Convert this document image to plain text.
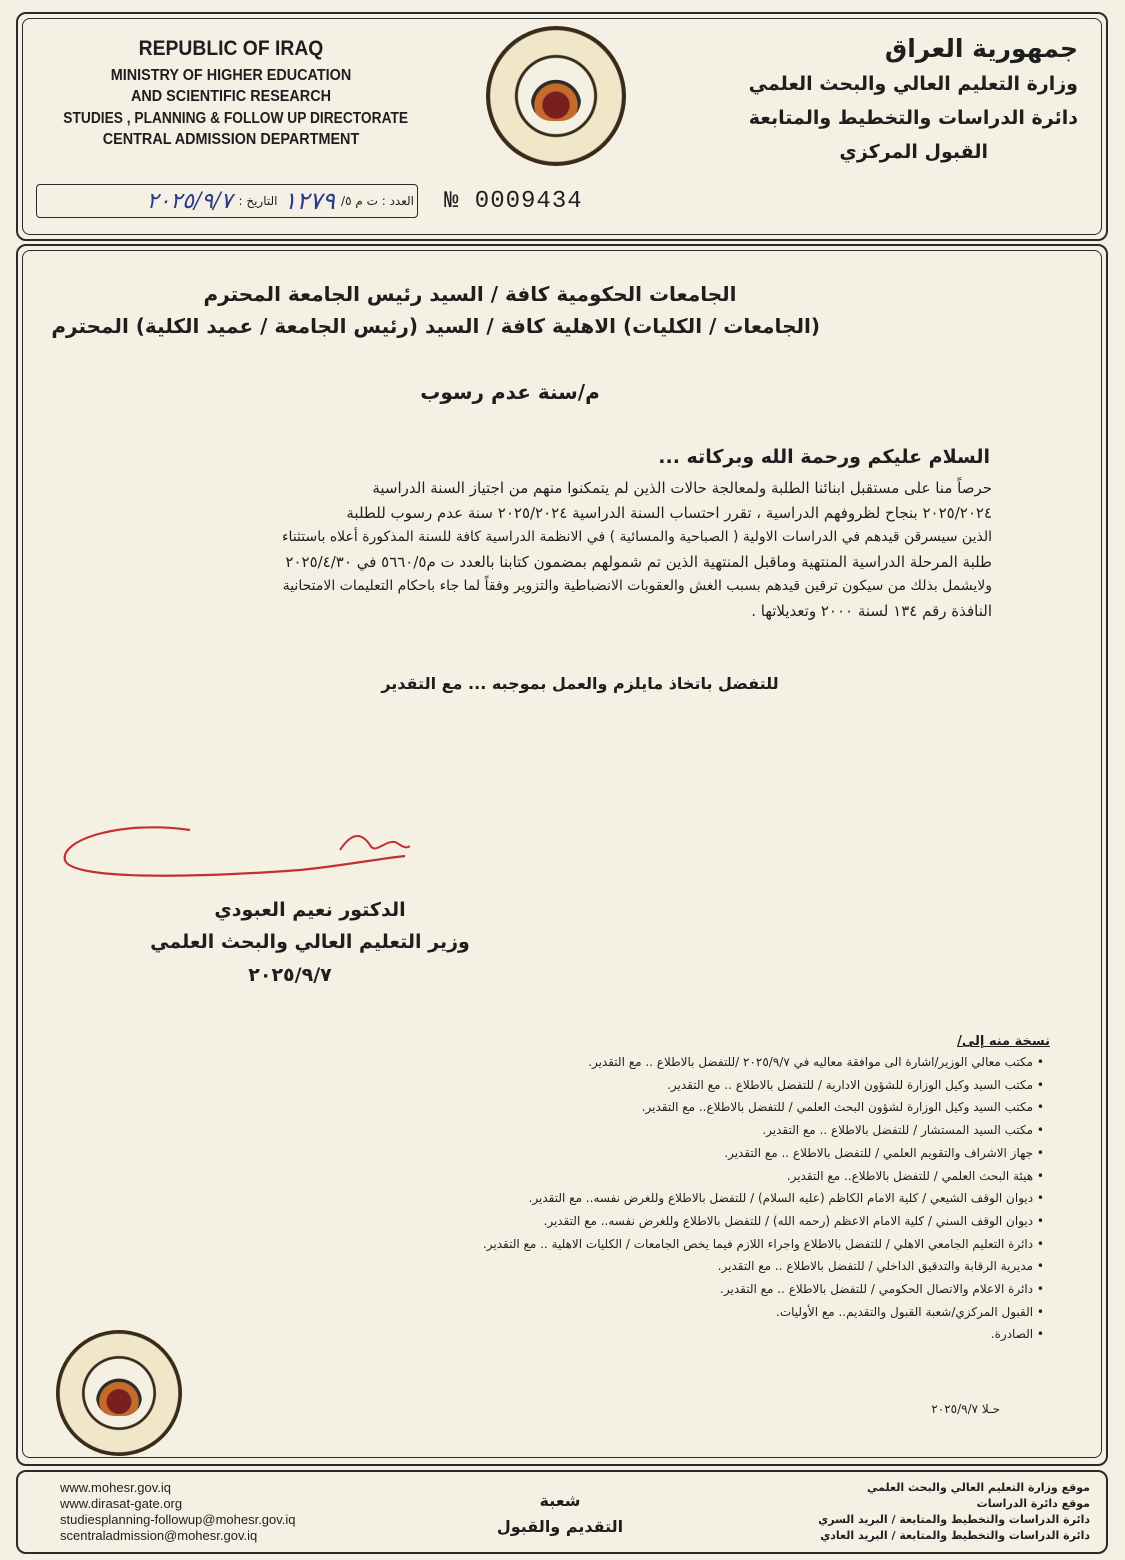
REPUBLIC OF IRAQ
MINISTRY OF HIGHER EDUCATION
AND SCIENTIFIC RESEARCH
STUDIES , PLANNING & FOLLOW UP DIRECTORATE
CENTRAL ADMISSION DEPARTMENT
جمهورية العراق
وزارة التعليم العالي والبحث العلمي
دائرة الدراسات والتخطيط والمتابعة
القبول المركزي
العدد : ت م ٥/
١٢٧٩
التاريخ :
٢٠٢٥/٩/٧	№ 0009434
الجامعات الحكومية كافة / السيد رئيس الجامعة المحترم
(الجامعات / الكليات) الاهلية كافة / السيد (رئيس الجامعة / عميد الكلية) المحترم
م/سنة عدم رسوب
السلام عليكم ورحمة الله وبركاته ...
حرصاً منا على مستقبل ابنائنا الطلبة ولمعالجة حالات الذين لم يتمكنوا منهم من اجتياز السنة الدراسية
٢٠٢٥/٢٠٢٤ بنجاح لظروفهم الدراسية ، تقرر احتساب السنة الدراسية ٢٠٢٥/٢٠٢٤ سنة عدم رسوب للطلبة
الذين سيسرقن قيدهم في الدراسات الاولية ( الصباحية والمسائية ) في الانظمة الدراسية كافة للسنة المذكورة أعلاه باستثناء
طلبة المرحلة الدراسية المنتهية وماقبل المنتهية الذين تم شمولهم بمضمون كتابنا بالعدد ت م٥٦٦٠/٥ في ٢٠٢٥/٤/٣٠
ولايشمل بذلك من سيكون ترقين قيدهم بسبب الغش والعقوبات الانضباطية والتزوير وفقاً لما جاء باحكام التعليمات الامتحانية
النافذة رقم ١٣٤ لسنة ٢٠٠٠ وتعديلاتها .
للتفضل باتخاذ مايلزم والعمل بموجبه ... مع التقدير
الدكتور نعيم العبودي
وزير التعليم العالي والبحث العلمي
٢٠٢٥/٩/٧
نسخة منه إلى/
• مكتب معالي الوزير/اشارة الى موافقة معاليه في ٢٠٢٥/٩/٧ /للتفضل بالاطلاع .. مع التقدير.
• مكتب السيد وكيل الوزارة للشؤون الادارية / للتفضل بالاطلاع .. مع التقدير.
• مكتب السيد وكيل الوزارة لشؤون البحث العلمي / للتفضل بالاطلاع.. مع التقدير.
• مكتب السيد المستشار / للتفضل بالاطلاع .. مع التقدير.
• جهاز الاشراف والتقويم العلمي / للتفضل بالاطلاع .. مع التقدير.
• هيئة البحث العلمي / للتفضل بالاطلاع.. مع التقدير.
• ديوان الوقف الشيعي / كلية الامام الكاظم (عليه السلام) / للتفضل بالاطلاع وللغرض نفسه.. مع التقدير.
• ديوان الوقف السني / كلية الامام الاعظم (رحمه الله) / للتفضل بالاطلاع وللغرض نفسه.. مع التقدير.
• دائرة التعليم الجامعي الاهلي / للتفضل بالاطلاع واجراء اللازم فيما يخص الجامعات / الكليات الاهلية .. مع التقدير.
• مديرية الرقابة والتدقيق الداخلي / للتفضل بالاطلاع .. مع التقدير.
• دائرة الاعلام والاتصال الحكومي / للتفضل بالاطلاع .. مع التقدير.
• القبول المركزي/شعبة القبول والتقديم.. مع الأوليات.
• الصادرة.
حـلا ٢٠٢٥/٩/٧
www.mohesr.gov.iq
www.dirasat-gate.org
studiesplanning-followup@mohesr.gov.iq
scentraladmission@mohesr.gov.iq
شعبة
التقديم والقبول
موقع وزارة التعليم العالي والبحث العلمي
موقع دائرة الدراسات
دائرة الدراسات والتخطيط والمتابعة / البريد السري
دائرة الدراسات والتخطيط والمتابعة / البريد العادي
